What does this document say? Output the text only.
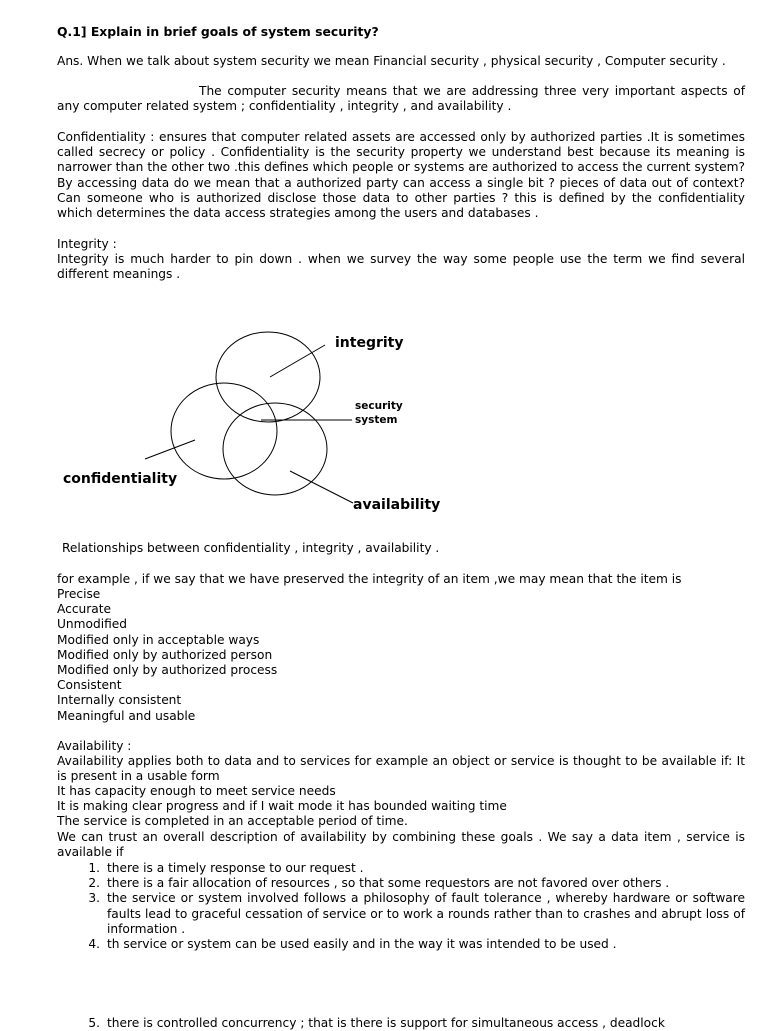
Q.1] Explain in brief goals of system security?
Ans. When we talk about system security we mean Financial security , physical security , Computer security .
The computer security means that we are addressing three very important aspects of any computer related system ; confidentiality , integrity , and availability .
Confidentiality : ensures that computer related assets are accessed only by authorized parties .It is sometimes called secrecy or policy . Confidentiality is the security property we understand best because its meaning is narrower than the other two .this defines which people or systems are authorized to access the current system? By accessing data do we mean that a authorized party can access a single bit ? pieces of data out of context? Can someone who is authorized disclose those data to other parties ? this is defined by the confidentiality which determines the data access strategies among the users and databases .
Integrity :
Integrity is much harder to pin down . when we survey the way some people use the term we find several different meanings .
integrity
security
system
confidentiality
availability
Relationships between confidentiality , integrity , availability .
for example , if we say that we have preserved the integrity of an item ,we may mean that the item is
Precise
Accurate
Unmodified
Modified only in acceptable ways
Modified only by authorized person
Modified only by authorized process
Consistent
Internally consistent
Meaningful and usable
Availability :
Availability applies both to data and to services for example an object or service is thought to be available if: It is present in a usable form
It has capacity enough to meet service needs
It is making clear progress and if I wait mode it has bounded waiting time
The service is completed in an acceptable period of time.
We can trust an overall description of availability by combining these goals . We say a data item , service is available if
1. there is a timely response to our request .
2. there is a fair allocation of resources , so that some requestors are not favored over others .
3. the service or system involved follows a philosophy of fault tolerance , whereby hardware or software faults lead to graceful cessation of service or to work a rounds rather than to crashes and abrupt loss of information .
4. th service or system can be used easily and in the way it was intended to be used .
5. there is controlled concurrency ; that is there is support for simultaneous access , deadlock
